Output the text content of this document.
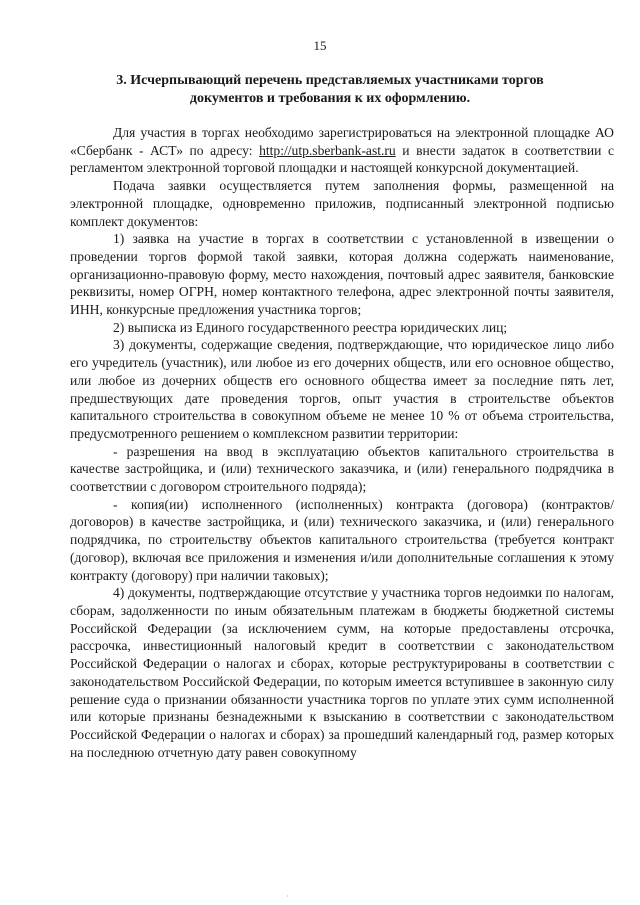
15
3. Исчерпывающий перечень представляемых участниками торгов
документов и требования к их оформлению.

Для участия в торгах необходимо зарегистрироваться на электронной площадке АО «Сбербанк - АСТ» по адресу: http://utp.sberbank-ast.ru и внести задаток в соответствии с регламентом электронной торговой площадки и настоящей конкурсной документацией.

Подача заявки осуществляется путем заполнения формы, размещенной на электронной площадке, одновременно приложив, подписанный электронной подписью комплект документов:

1) заявка на участие в торгах в соответствии с установленной в извещении о проведении торгов формой такой заявки, которая должна содержать наименование, организационно-правовую форму, место нахождения, почтовый адрес заявителя, банковские реквизиты, номер ОГРН, номер контактного телефона, адрес электронной почты заявителя, ИНН, конкурсные предложения участника торгов;

2) выписка из Единого государственного реестра юридических лиц;

3) документы, содержащие сведения, подтверждающие, что юридическое лицо либо его учредитель (участник), или любое из его дочерних обществ, или его основное общество, или любое из дочерних обществ его основного общества имеет за последние пять лет, предшествующих дате проведения торгов, опыт участия в строительстве объектов капитального строительства в совокупном объеме не менее 10 % от объема строительства, предусмотренного решением о комплексном развитии территории:

- разрешения на ввод в эксплуатацию объектов капитального строительства в качестве застройщика, и (или) технического заказчика, и (или) генерального подрядчика в соответствии с договором строительного подряда);

- копия(ии) исполненного (исполненных) контракта (договора) (контрактов/договоров) в качестве застройщика, и (или) технического заказчика, и (или) генерального подрядчика, по строительству объектов капитального строительства (требуется контракт (договор), включая все приложения и изменения и/или дополнительные соглашения к этому контракту (договору) при наличии таковых);

4) документы, подтверждающие отсутствие у участника торгов недоимки по налогам, сборам, задолженности по иным обязательным платежам в бюджеты бюджетной системы Российской Федерации (за исключением сумм, на которые предоставлены отсрочка, рассрочка, инвестиционный налоговый кредит в соответствии с законодательством Российской Федерации о налогах и сборах, которые реструктурированы в соответствии с законодательством Российской Федерации, по которым имеется вступившее в законную силу решение суда о признании обязанности участника торгов по уплате этих сумм исполненной или которые признаны безнадежными к взысканию в соответствии с законодательством Российской Федерации о налогах и сборах) за прошедший календарный год, размер которых на последнюю отчетную дату равен совокупному

·
